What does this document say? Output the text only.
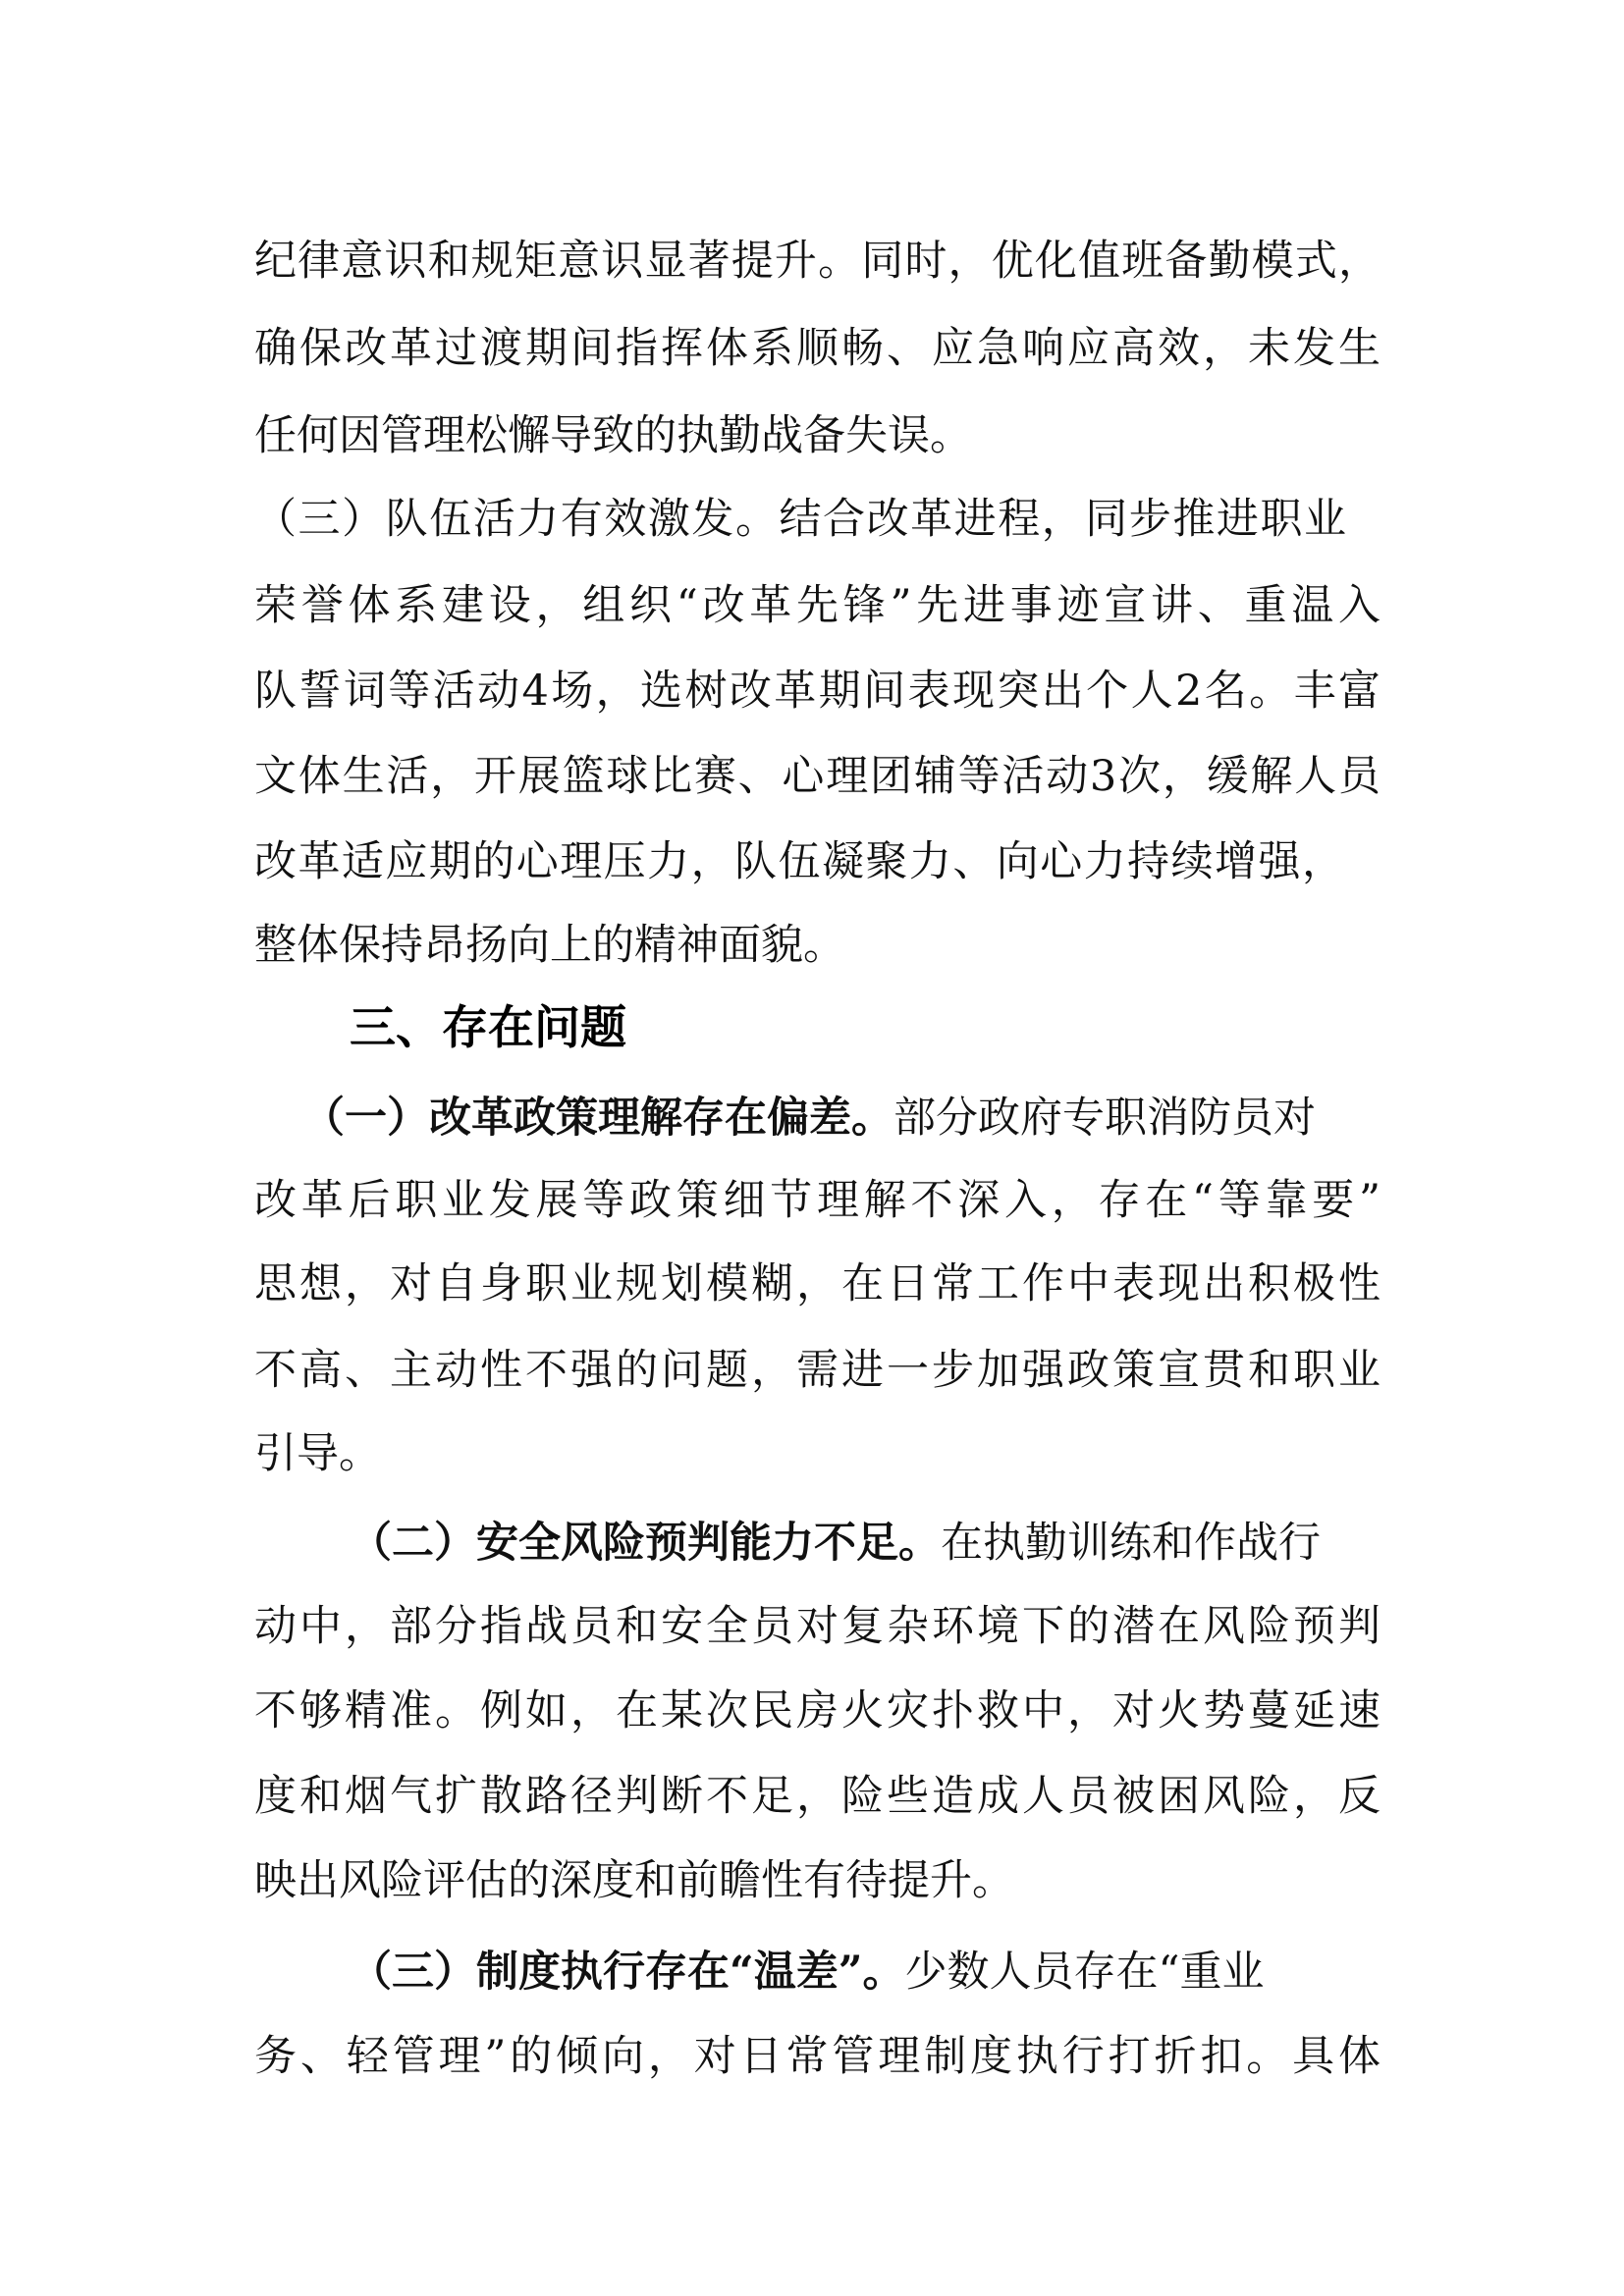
纪律意识和规矩意识显著提升。同时，优化值班备勤模式，
确保改革过渡期间指挥体系顺畅、应急响应高效，未发生
任何因管理松懈导致的执勤战备失误。
（三）队伍活力有效激发。结合改革进程，同步推进职业
荣誉体系建设，组织“改革先锋”先进事迹宣讲、重温入
队誓词等活动4场，选树改革期间表现突出个人2名。丰富
文体生活，开展篮球比赛、心理团辅等活动3次，缓解人员
改革适应期的心理压力，队伍凝聚力、向心力持续增强，
整体保持昂扬向上的精神面貌。
三、存在问题
（一）改革政策理解存在偏差。部分政府专职消防员对
改革后职业发展等政策细节理解不深入，存在“等靠要”
思想，对自身职业规划模糊，在日常工作中表现出积极性
不高、主动性不强的问题，需进一步加强政策宣贯和职业
引导。
（二）安全风险预判能力不足。在执勤训练和作战行
动中，部分指战员和安全员对复杂环境下的潜在风险预判
不够精准。例如，在某次民房火灾扑救中，对火势蔓延速
度和烟气扩散路径判断不足，险些造成人员被困风险，反
映出风险评估的深度和前瞻性有待提升。
（三）制度执行存在“温差”。少数人员存在“重业
务、轻管理”的倾向，对日常管理制度执行打折扣。具体
